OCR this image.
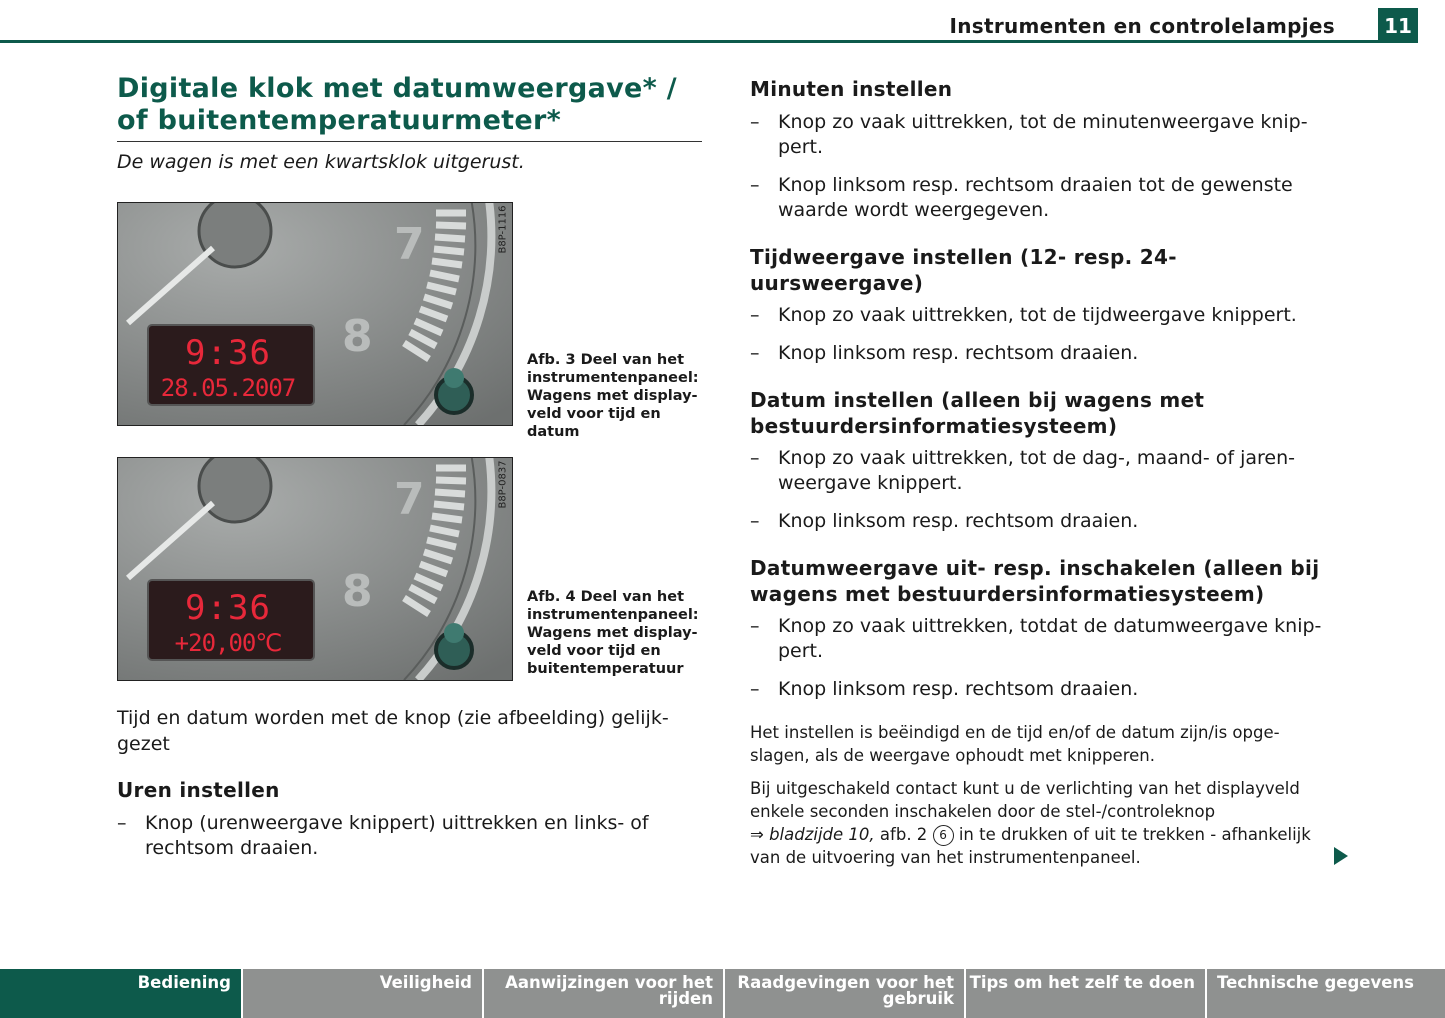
Instrumenten en controlelampjes	11
Digitale klok met datumweergave* /
of buitentemperatuurmeter*
De wagen is met een kwartsklok uitgerust.
7
8
9:36
28.05.2007
B8P-1116
Afb. 3 Deel van het
instrumentenpaneel:
Wagens met display-
veld voor tijd en datum
7
8
9:36
+20,00℃
B8P-0837
Afb. 4 Deel van het
instrumentenpaneel:
Wagens met display-
veld voor tijd en
buitentemperatuur
Tijd en datum worden met de knop (zie afbeelding) gelijk-
gezet
Uren instellen
– Knop (urenweergave knippert) uittrekken en links- of
rechtsom draaien.
Minuten instellen
– Knop zo vaak uittrekken, tot de minutenweergave knip-
pert.
– Knop linksom resp. rechtsom draaien tot de gewenste
waarde wordt weergegeven.
Tijdweergave instellen (12- resp. 24-
uursweergave)
– Knop zo vaak uittrekken, tot de tijdweergave knippert.
– Knop linksom resp. rechtsom draaien.
Datum instellen (alleen bij wagens met
bestuurdersinformatiesysteem)
– Knop zo vaak uittrekken, tot de dag-, maand- of jaren-
weergave knippert.
– Knop linksom resp. rechtsom draaien.
Datumweergave uit- resp. inschakelen (alleen bij
wagens met bestuurdersinformatiesysteem)
– Knop zo vaak uittrekken, totdat de datumweergave knip-
pert.
– Knop linksom resp. rechtsom draaien.
Het instellen is beëindigd en de tijd en/of de datum zijn/is opge-
slagen, als de weergave ophoudt met knipperen.
Bij uitgeschakeld contact kunt u de verlichting van het displayveld
enkele seconden inschakelen door de stel-/controleknop
⇒ bladzijde 10, afb. 2 6 in te drukken of uit te trekken - afhankelijk
van de uitvoering van het instrumentenpaneel.
Bediening	Veiligheid	Aanwijzingen voor het
rijden
Raadgevingen voor het
gebruik
Tips om het zelf te doen	Technische gegevens
